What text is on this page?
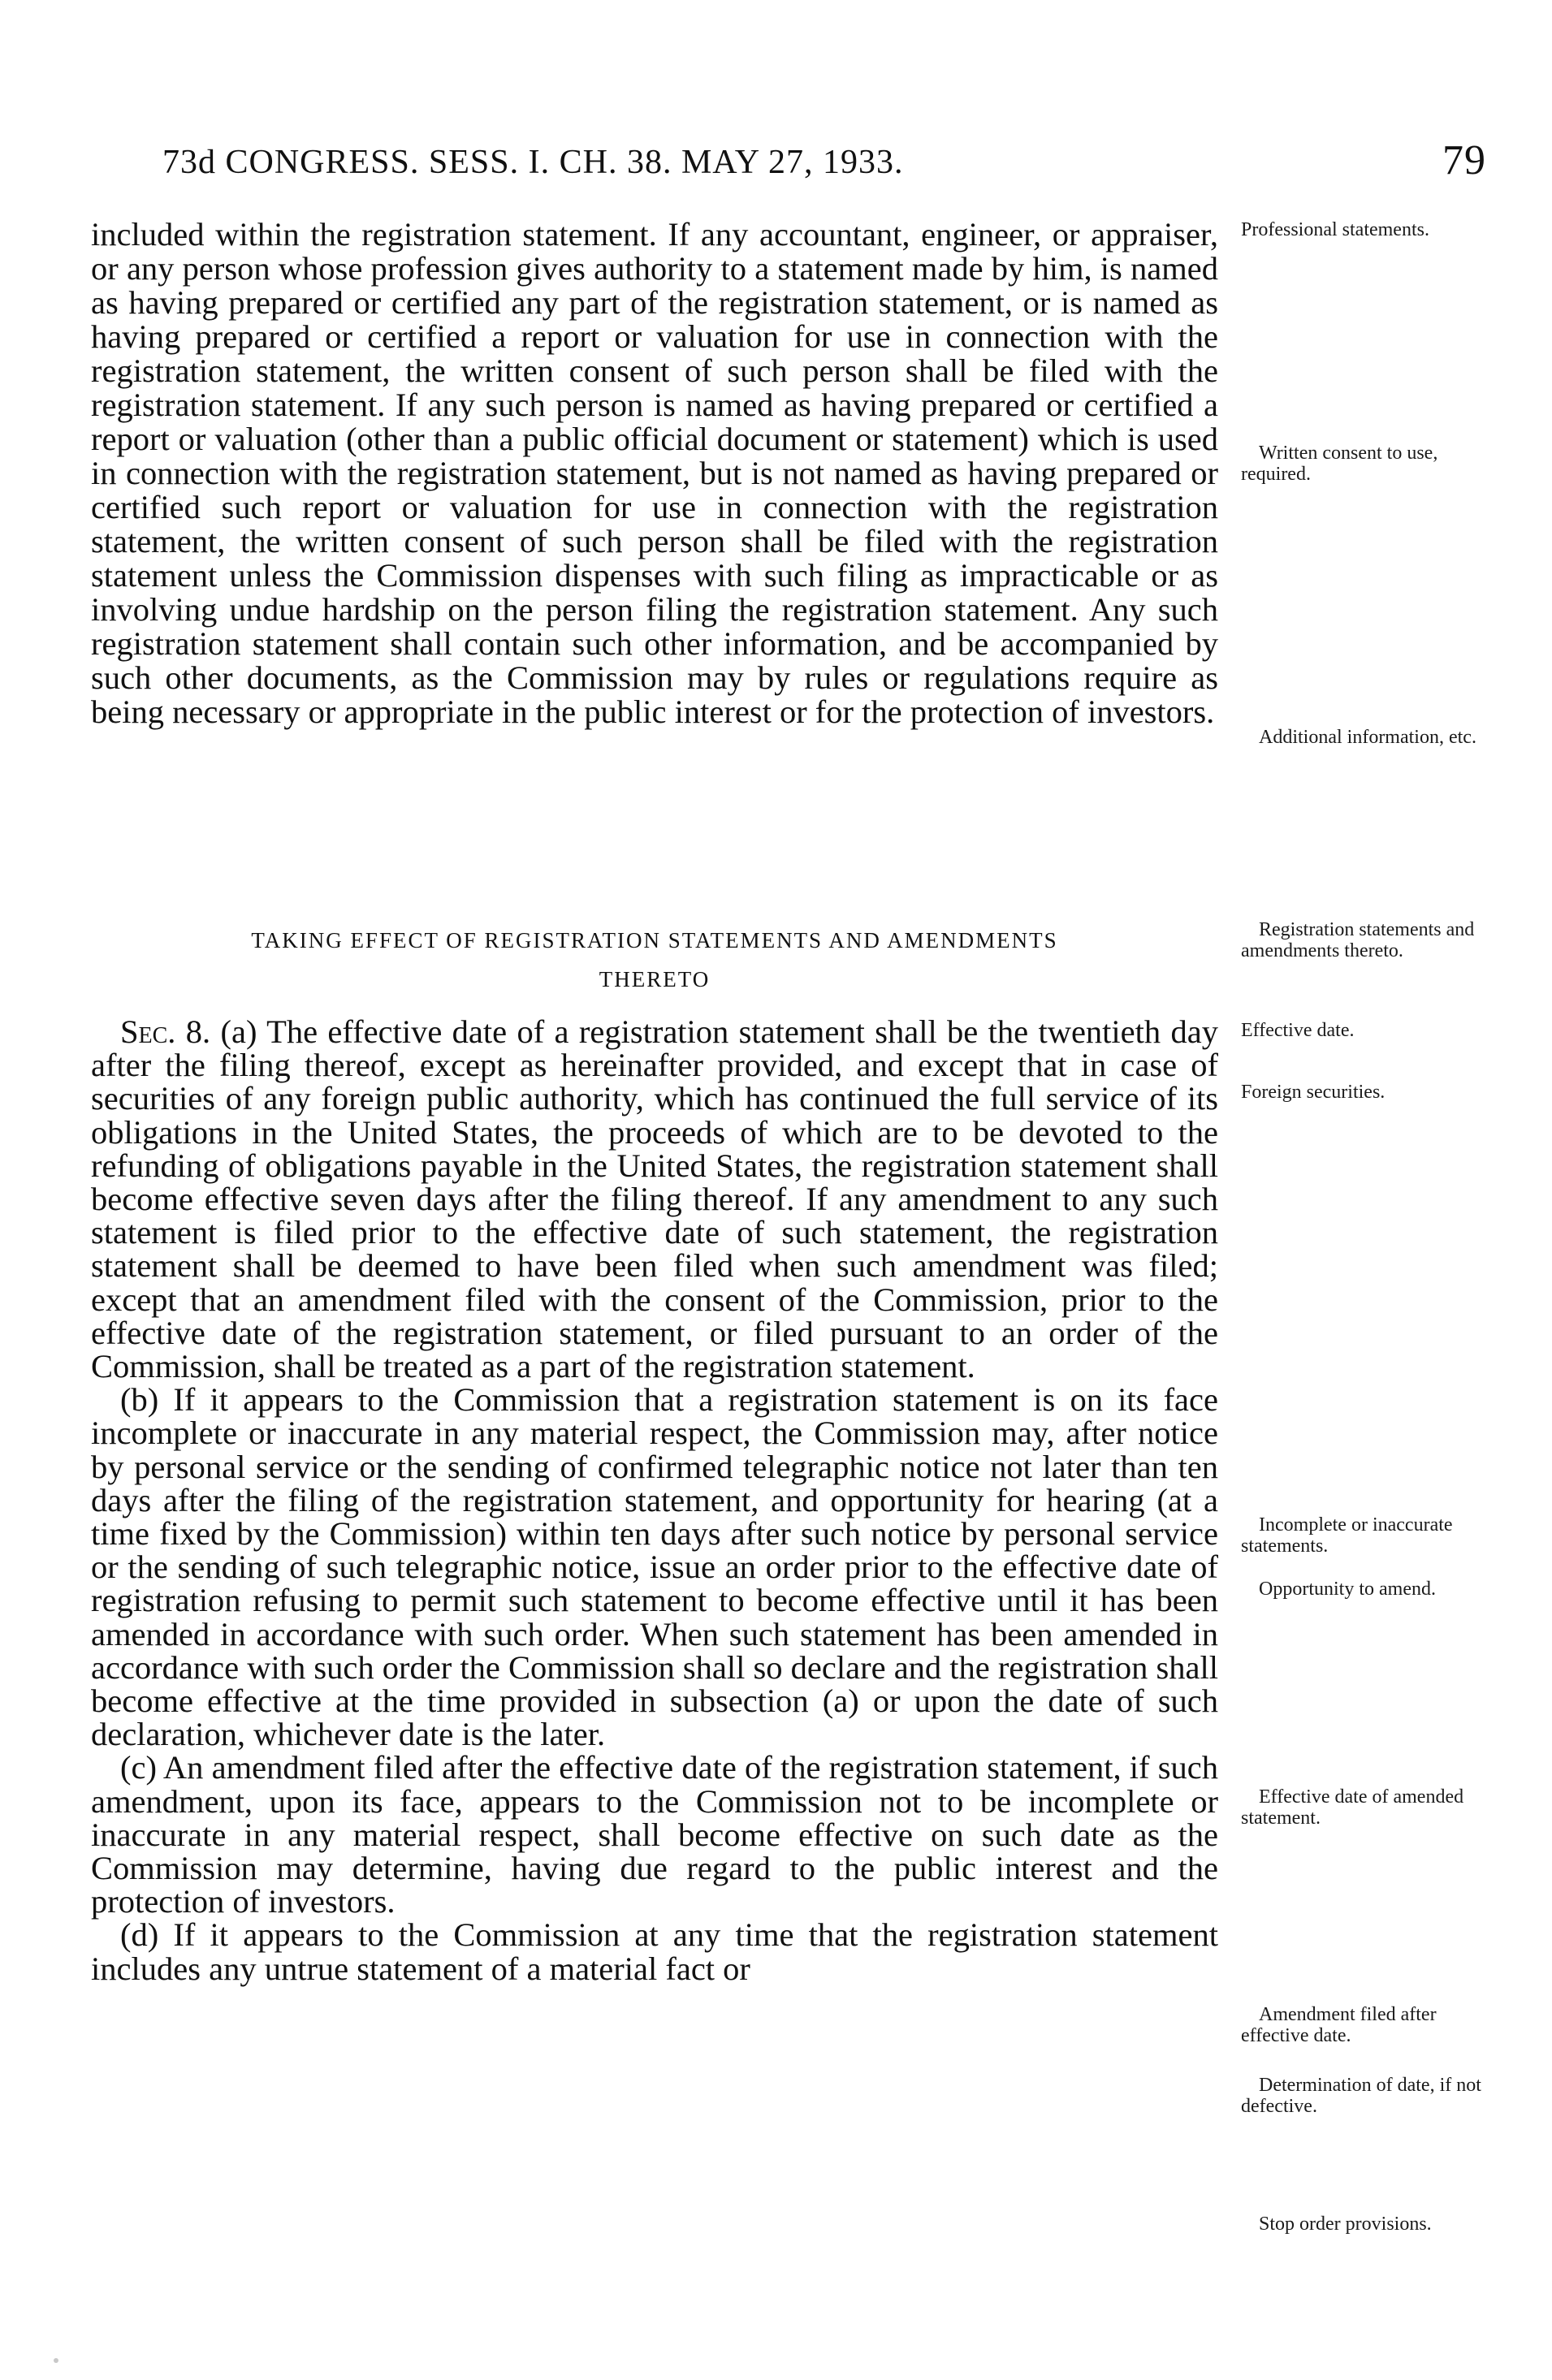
73d CONGRESS. SESS. I. CH. 38. MAY 27, 1933.	79

included within the registration statement. If any accountant, engineer, or appraiser, or any person whose profession gives authority to a statement made by him, is named as having prepared or certified any part of the registration statement, or is named as having prepared or certified a report or valuation for use in connection with the registration statement, the written consent of such person shall be filed with the registration statement. If any such person is named as having prepared or certified a report or valuation (other than a public official document or statement) which is used in connection with the registration statement, but is not named as having prepared or certified such report or valuation for use in connection with the registration statement, the written consent of such person shall be filed with the registration statement unless the Commission dispenses with such filing as impracticable or as involving undue hardship on the person filing the registration statement. Any such registration statement shall contain such other information, and be accompanied by such other documents, as the Commission may by rules or regulations require as being necessary or appropriate in the public interest or for the protection of investors.

TAKING EFFECT OF REGISTRATION STATEMENTS AND AMENDMENTS
THERETO

Sec. 8. (a) The effective date of a registration statement shall be the twentieth day after the filing thereof, except as hereinafter provided, and except that in case of securities of any foreign public authority, which has continued the full service of its obligations in the United States, the proceeds of which are to be devoted to the refunding of obligations payable in the United States, the registration statement shall become effective seven days after the filing thereof. If any amendment to any such statement is filed prior to the effective date of such statement, the registration statement shall be deemed to have been filed when such amendment was filed; except that an amendment filed with the consent of the Commission, prior to the effective date of the registration statement, or filed pursuant to an order of the Commission, shall be treated as a part of the registration statement.

(b) If it appears to the Commission that a registration statement is on its face incomplete or inaccurate in any material respect, the Commission may, after notice by personal service or the sending of confirmed telegraphic notice not later than ten days after the filing of the registration statement, and opportunity for hearing (at a time fixed by the Commission) within ten days after such notice by personal service or the sending of such telegraphic notice, issue an order prior to the effective date of registration refusing to permit such statement to become effective until it has been amended in accordance with such order. When such statement has been amended in accordance with such order the Commission shall so declare and the registration shall become effective at the time provided in subsection (a) or upon the date of such declaration, whichever date is the later.

(c) An amendment filed after the effective date of the registration statement, if such amendment, upon its face, appears to the Commission not to be incomplete or inaccurate in any material respect, shall become effective on such date as the Commission may determine, having due regard to the public interest and the protection of investors.

(d) If it appears to the Commission at any time that the registration statement includes any untrue statement of a material fact or

Professional statements.
Written consent to use, required.
Additional information, etc.
Registration statements and amendments thereto.
Effective date.
Foreign securities.
Incomplete or inaccurate statements.
Opportunity to amend.
Effective date of amended statement.
Amendment filed after effective date.
Determination of date, if not defective.
Stop order provisions.
